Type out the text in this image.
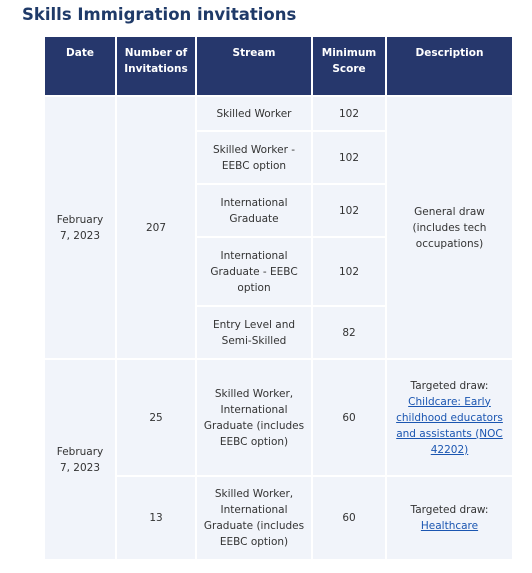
Skills Immigration invitations
Date	Number of Invitations	Stream	Minimum Score	Description
February 7, 2023	207	Skilled Worker	102	General draw (includes tech occupations)
		Skilled Worker - EEBC option	102	
		International Graduate	102	
		International Graduate - EEBC option	102	
		Entry Level and Semi-Skilled	82	
February 7, 2023	25	Skilled Worker, International Graduate (includes EEBC option)	60	Targeted draw:
Childcare: Early childhood educators and assistants (NOC 42202)
	13	Skilled Worker, International Graduate (includes EEBC option)	60	Targeted draw:
Healthcare
